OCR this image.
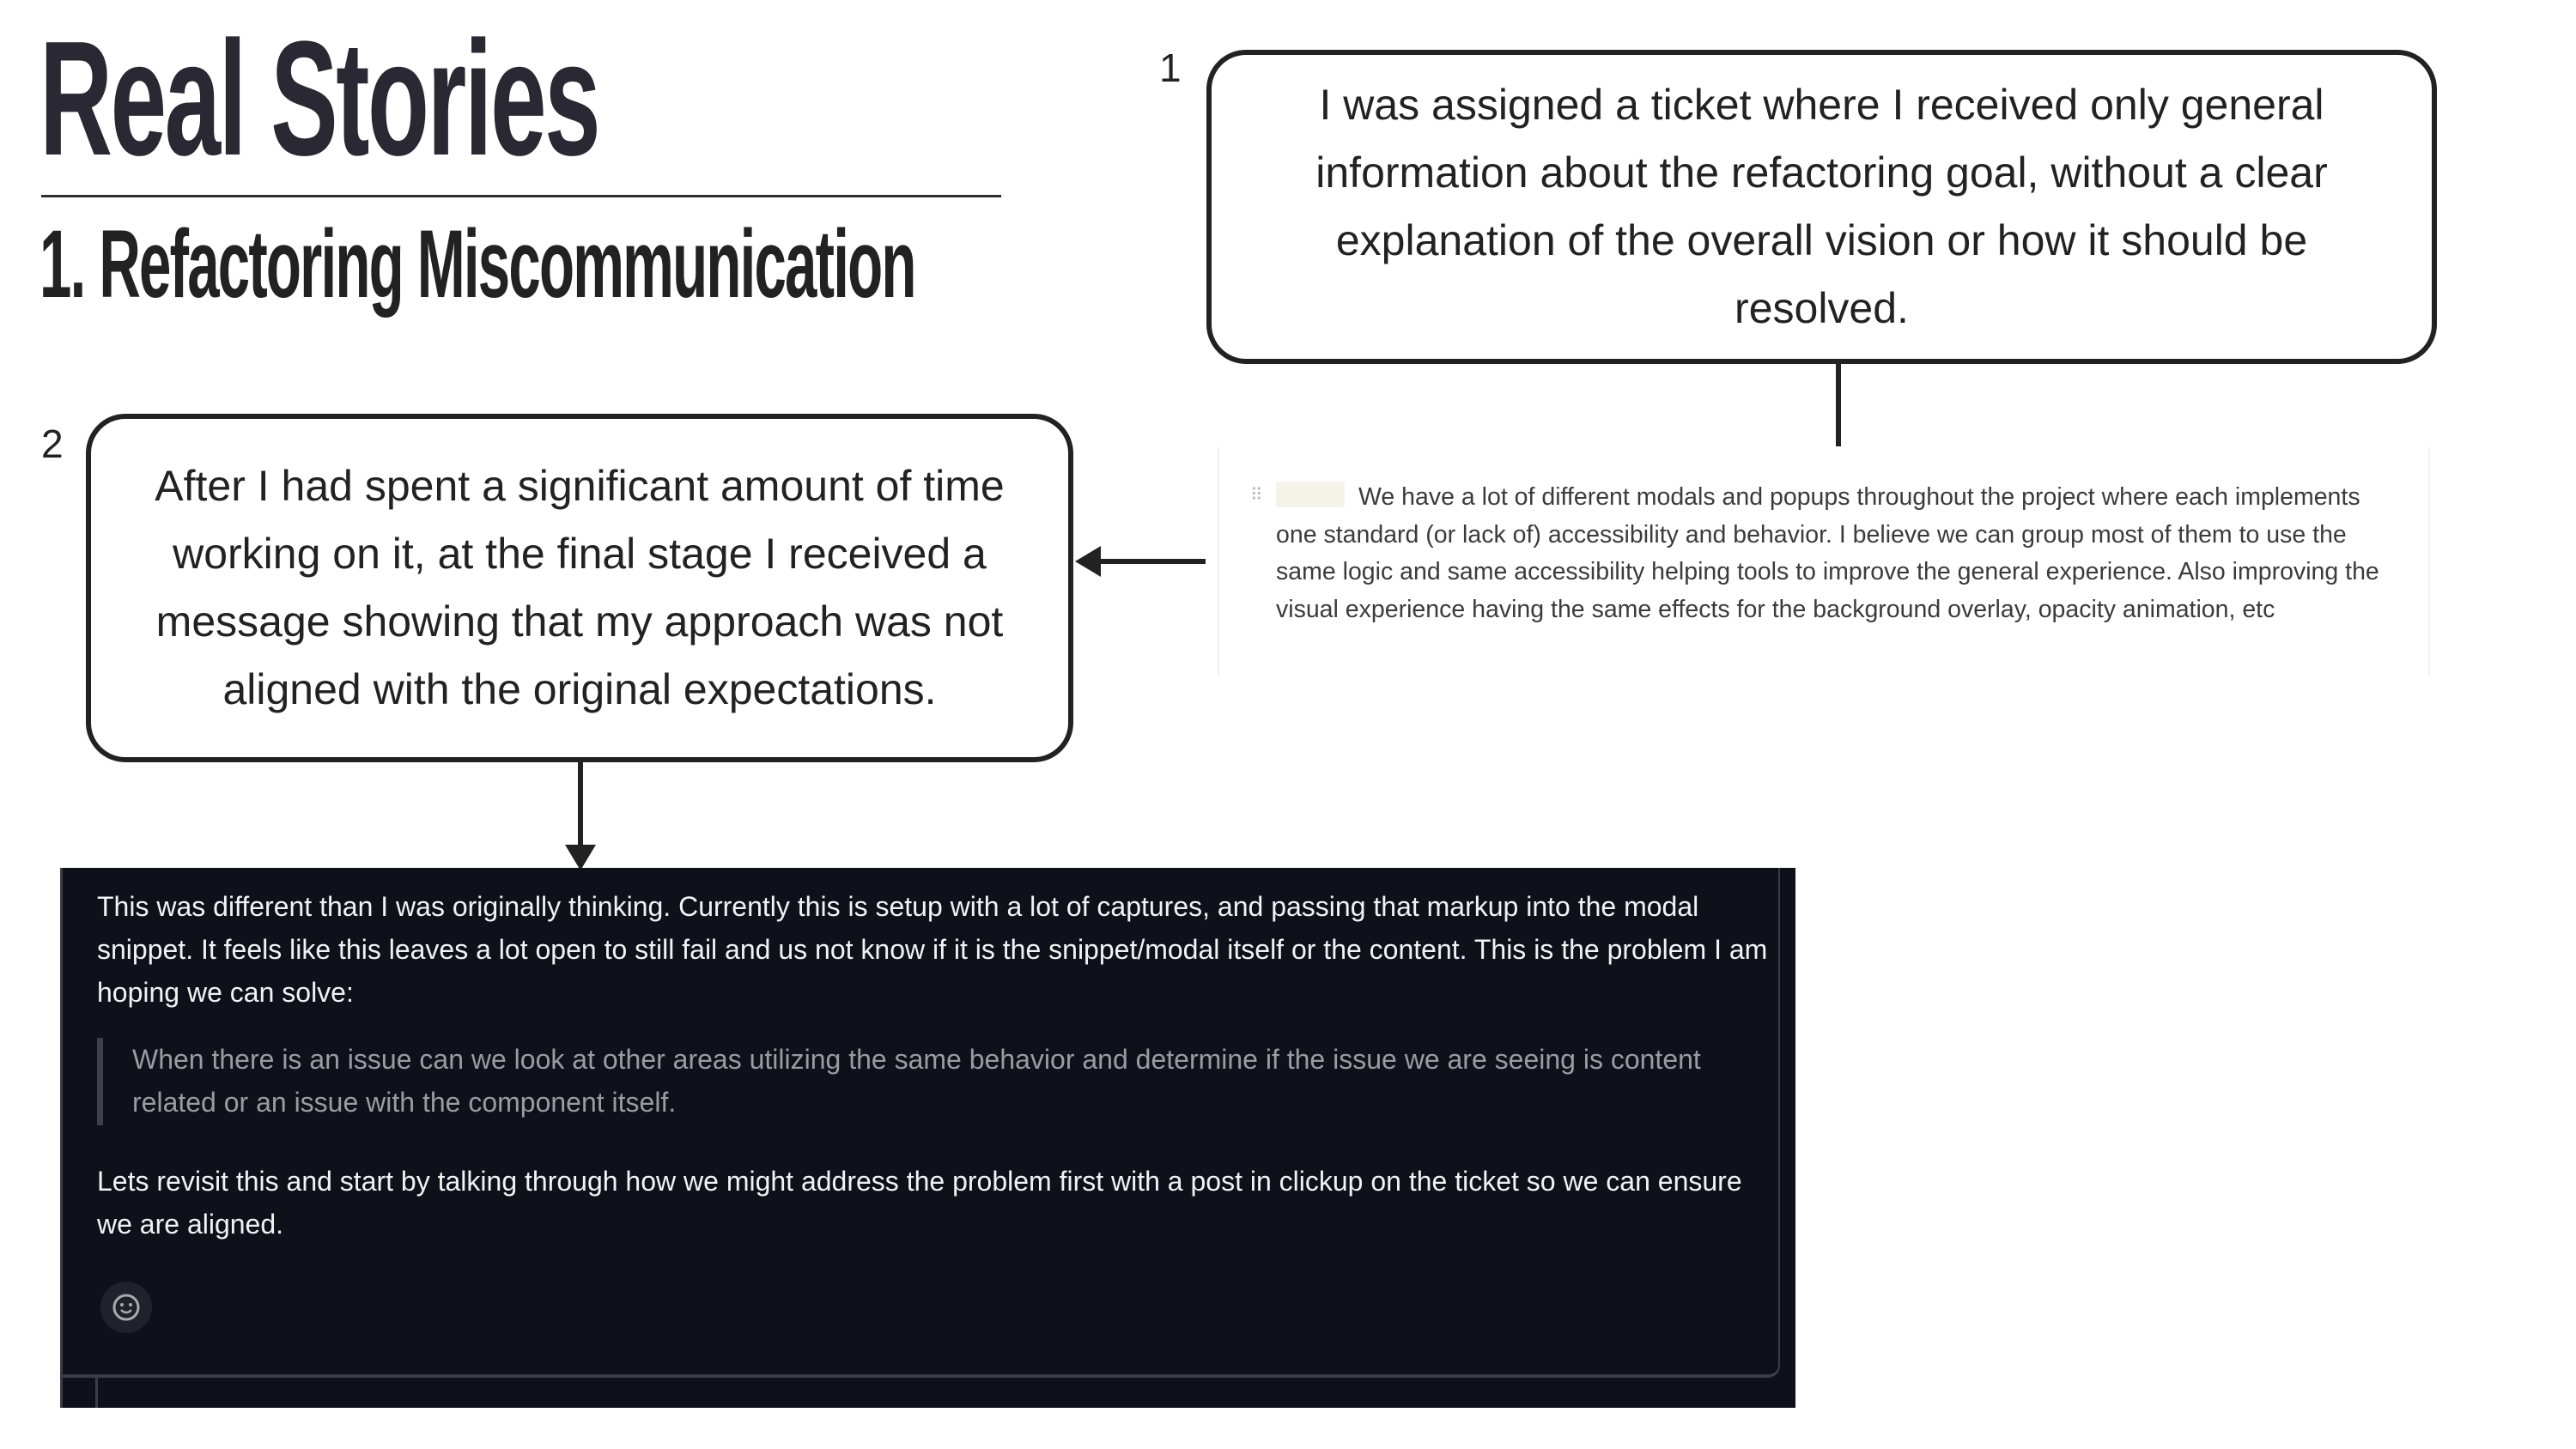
Real Stories
1. Refactoring Miscommunication
1
I was assigned a ticket where I received only general information about the refactoring goal, without a clear explanation of the overall vision or how it should be resolved.
⠿	We have a lot of different modals and popups throughout the project where each implements one standard (or lack of) accessibility and behavior. I believe we can group most of them to use the same logic and same accessibility helping tools to improve the general experience. Also improving the visual experience having the same effects for the background overlay, opacity animation, etc
2
After I had spent a significant amount of time working on it, at the final stage I received a message showing that my approach was not aligned with the original expectations.
This was different than I was originally thinking. Currently this is setup with a lot of captures, and passing that markup into the modal snippet. It feels like this leaves a lot open to still fail and us not know if it is the snippet/modal itself or the content. This is the problem I am hoping we can solve:
When there is an issue can we look at other areas utilizing the same behavior and determine if the issue we are seeing is content related or an issue with the component itself.
Lets revisit this and start by talking through how we might address the problem first with a post in clickup on the ticket so we can ensure we are aligned.
